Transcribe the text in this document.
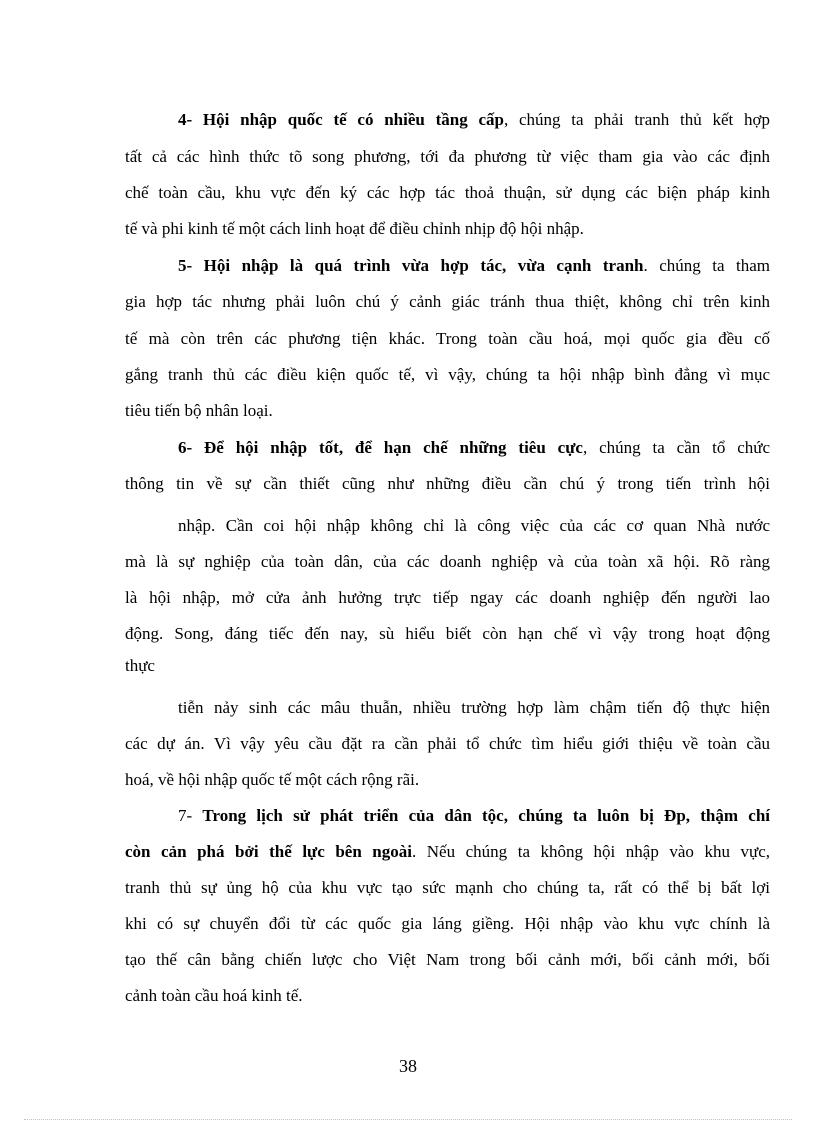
4- Hội nhập quốc tế có nhiều tầng cấp, chúng ta phải tranh thủ kết hợp
tất cả các hình thức tõ song phương, tới đa phương từ việc tham gia vào các định
chế toàn cầu, khu vực đến ký các hợp tác thoả thuận, sử dụng các biện pháp kinh
tế và phi kinh tế một cách linh hoạt để điều chỉnh nhịp độ hội nhập.
5- Hội nhập là quá trình vừa hợp tác, vừa cạnh tranh. chúng ta tham
gia hợp tác nhưng phải luôn chú ý cảnh giác tránh thua thiệt, không chỉ trên kinh
tế mà còn trên các phương tiện khác. Trong toàn cầu hoá, mọi quốc gia đều cố
gắng tranh thủ các điều kiện quốc tế, vì vậy, chúng ta hội nhập bình đẳng vì mục
tiêu tiến bộ nhân loại.
6- Để hội nhập tốt, để hạn chế những tiêu cực, chúng ta cần tổ chức
thông tin về sự cần thiết cũng như những điều cần chú ý trong tiến trình hội
nhập. Cần coi hội nhập không chỉ là công việc của các cơ quan Nhà nước
mà là sự nghiệp của toàn dân, của các doanh nghiệp và của toàn xã hội. Rõ ràng
là hội nhập, mở cửa ảnh hưởng trực tiếp ngay các doanh nghiệp đến người lao
động. Song, đáng tiếc đến nay, sù hiểu biết còn hạn chế vì vậy trong hoạt động
thực
tiễn nảy sinh các mâu thuẫn, nhiều trường hợp làm chậm tiến độ thực hiện
các dự án. Vì vậy yêu cầu đặt ra cần phải tổ chức tìm hiểu giới thiệu về toàn cầu
hoá, về hội nhập quốc tế một cách rộng rãi.
7- Trong lịch sử phát triển của dân tộc, chúng ta luôn bị Đp, thậm chí
còn cản phá bởi thế lực bên ngoài. Nếu chúng ta không hội nhập vào khu vực,
tranh thủ sự ủng hộ của khu vực tạo sức mạnh cho chúng ta, rất có thể bị bất lợi
khi có sự chuyển đổi từ các quốc gia láng giềng. Hội nhập vào khu vực chính là
tạo thế cân bằng chiến lược cho Việt Nam trong bối cảnh mới, bối cảnh mới, bối
cảnh toàn cầu hoá kinh tế.
38
